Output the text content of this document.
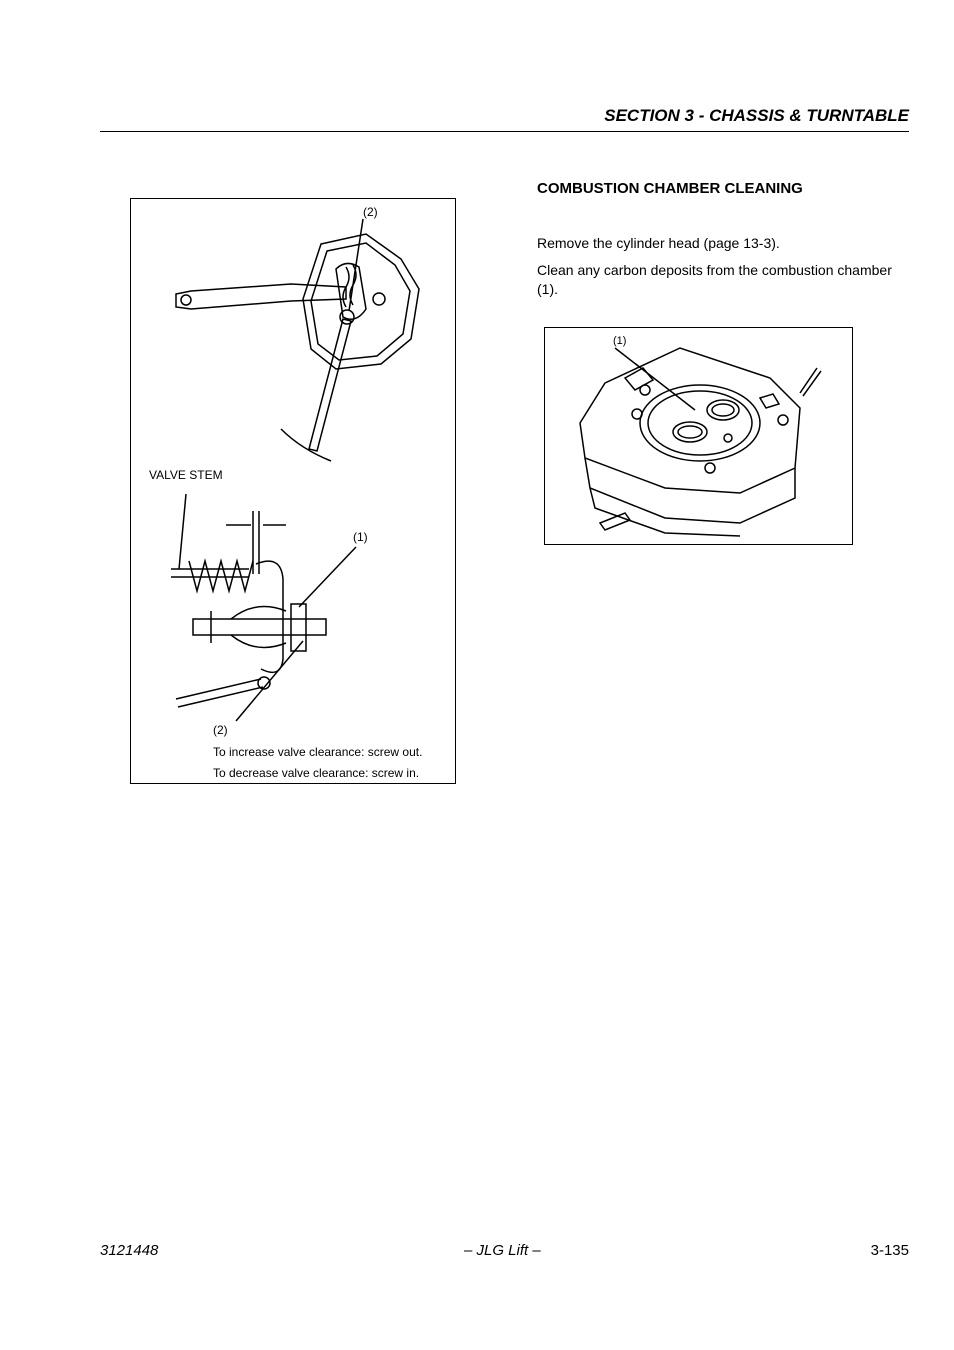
SECTION 3 - CHASSIS & TURNTABLE
(2)
VALVE STEM
(1)
(2)
To increase valve clearance: screw out.
To decrease valve clearance: screw in.
COMBUSTION CHAMBER CLEANING
Remove the cylinder head (page 13-3).
Clean any carbon deposits from the combustion chamber (1).
(1)
3121448	– JLG Lift –	3-135
